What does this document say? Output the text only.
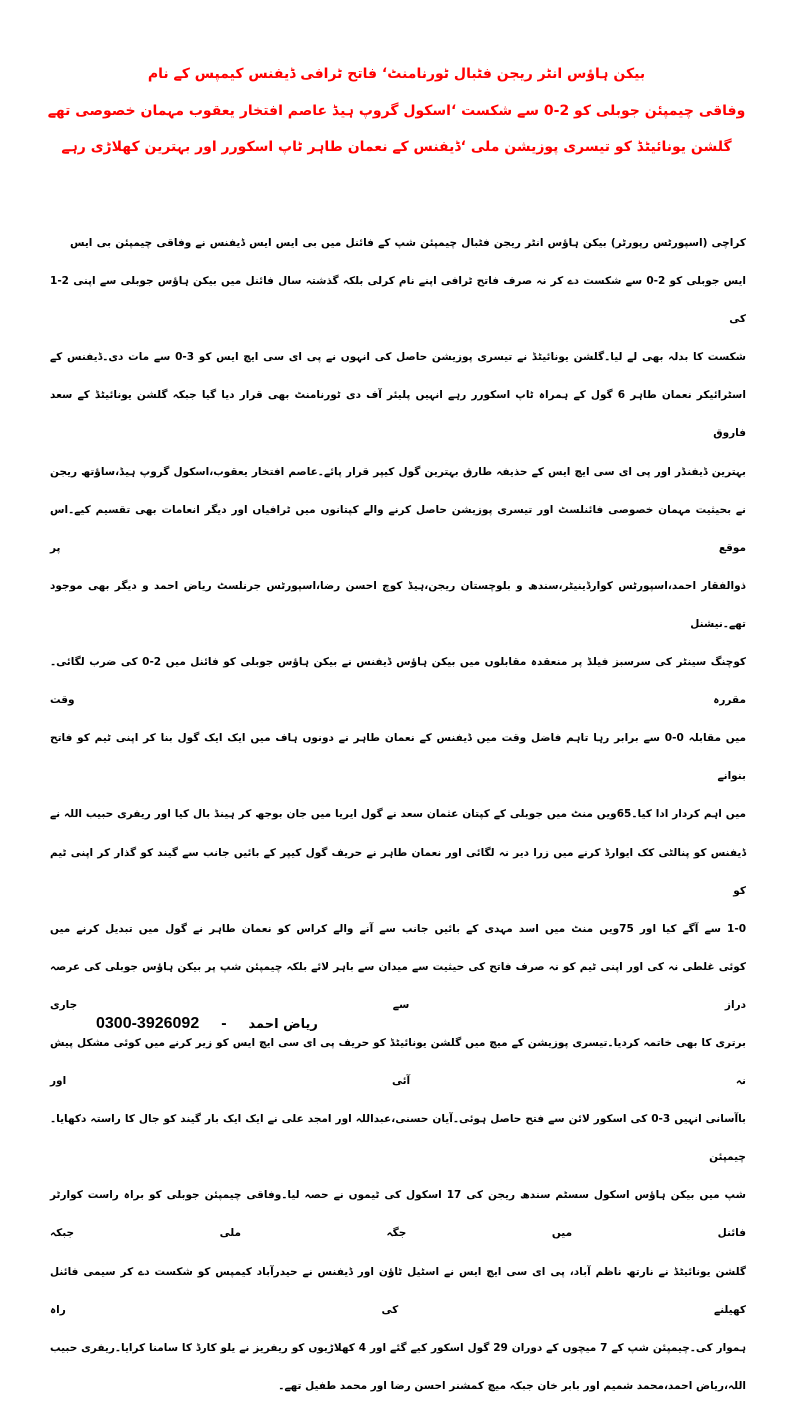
بیکن ہاؤس انٹر ریجن فٹبال ٹورنامنٹ‘ فاتح ٹرافی ڈیفنس کیمپس کے نام
وفاقی چیمپئن جوبلی کو 2-0 سے شکست ‘اسکول گروپ ہیڈ عاصم افتخار یعقوب مہمان خصوصی تھے
گلشن یونائیٹڈ کو تیسری پوزیشن ملی ‘ڈیفنس کے نعمان طاہر ٹاپ اسکورر اور بہترین کھلاڑی رہے
کراچی (اسپورٹس رپورٹر) بیکن ہاؤس انٹر ریجن فٹبال چیمپئن شپ کے فائنل میں بی ایس ایس ڈیفنس نے وفاقی چیمپئن بی ایس
ایس جوبلی کو 2-0 سے شکست دے کر نہ صرف فاتح ٹرافی اپنے نام کرلی بلکہ گذشتہ سال فائنل میں بیکن ہاؤس جوبلی سے اپنی 2-1 کی
شکست کا بدلہ بھی لے لیا۔گلشن یونائیٹڈ نے تیسری پوزیشن حاصل کی انہوں نے پی ای سی ایچ ایس کو 3-0 سے مات دی۔ڈیفنس کے
اسٹرائیکر نعمان طاہر 6 گول کے ہمراہ ٹاپ اسکورر رہے انہیں پلیئر آف دی ٹورنامنٹ بھی قرار دیا گیا جبکہ گلشن یونائیٹڈ کے سعد فاروق
بہترین ڈیفنڈر اور پی ای سی ایچ ایس کے حذیفہ طارق بہترین گول کیپر قرار پائے۔عاصم افتخار یعقوب،اسکول گروپ ہیڈ،ساؤتھ ریجن
نے بحیثیت مہمان خصوصی فائنلسٹ اور تیسری پوزیشن حاصل کرنے والے کپتانوں میں ٹرافیاں اور دیگر انعامات بھی تقسیم کیے۔اس موقع پر
ذوالفقار احمد،اسپورٹس کوارڈینیٹر،سندھ و بلوچستان ریجن،ہیڈ کوچ احسن رضا،اسپورٹس جرنلسٹ ریاض احمد و دیگر بھی موجود تھے۔نیشنل
کوچنگ سینٹر کی سرسبز فیلڈ پر منعقدہ مقابلوں میں بیکن ہاؤس ڈیفنس نے بیکن ہاؤس جوبلی کو فائنل میں 2-0 کی ضرب لگائی۔مقررہ وقت
میں مقابلہ 0-0 سے برابر رہا تاہم فاضل وقت میں ڈیفنس کے نعمان طاہر نے دونوں ہاف میں ایک ایک گول بنا کر اپنی ٹیم کو فاتح بنوانے
میں اہم کردار ادا کیا۔65ویں منٹ میں جوبلی کے کپتان عثمان سعد نے گول ایریا میں جان بوجھ کر ہینڈ بال کیا اور ریفری حبیب اللہ نے
ڈیفنس کو پنالٹی کک ایوارڈ کرنے میں زرا دیر نہ لگائی اور نعمان طاہر نے حریف گول کیپر کے بائیں جانب سے گیند کو گذار کر اپنی ٹیم کو
1-0 سے آگے کیا اور 75ویں منٹ میں اسد مہدی کے بائیں جانب سے آنے والے کراس کو نعمان طاہر نے گول میں تبدیل کرنے میں
کوئی غلطی نہ کی اور اپنی ٹیم کو نہ صرف فاتح کی حیثیت سے میدان سے باہر لائے بلکہ چیمپئن شپ پر بیکن ہاؤس جوبلی کی عرصہ دراز سے جاری
برتری کا بھی خاتمہ کردیا۔تیسری پوزیشن کے میچ میں گلشن یونائیٹڈ کو حریف پی ای سی ایچ ایس کو زیر کرنے میں کوئی مشکل پیش نہ آئی اور
باآسانی انہیں 3-0 کی اسکور لائن سے فتح حاصل ہوئی۔آیان حسنی،عبداللہ اور امجد علی نے ایک ایک بار گیند کو جال کا راستہ دکھایا۔چیمپئن
شپ میں بیکن ہاؤس اسکول سسٹم سندھ ریجن کی 17 اسکول کی ٹیموں نے حصہ لیا۔وفاقی چیمپئن جوبلی کو براہ راست کوارٹر فائنل میں جگہ ملی جبکہ
گلشن یونائیٹڈ نے نارتھ ناظم آباد، پی ای سی ایچ ایس نے اسٹیل ٹاؤن اور ڈیفنس نے حیدرآباد کیمپس کو شکست دے کر سیمی فائنل کھیلنے کی راہ
ہموار کی۔چیمپئن شپ کے 7 میچوں کے دوران 29 گول اسکور کیے گئے اور 4 کھلاڑیوں کو ریفریز نے یلو کارڈ کا سامنا کرایا۔ریفری حبیب
اللہ،ریاض احمد،محمد شمیم اور بابر خان جبکہ میچ کمشنر احسن رضا اور محمد طفیل تھے۔
0300-3926092 - ریاض احمد
